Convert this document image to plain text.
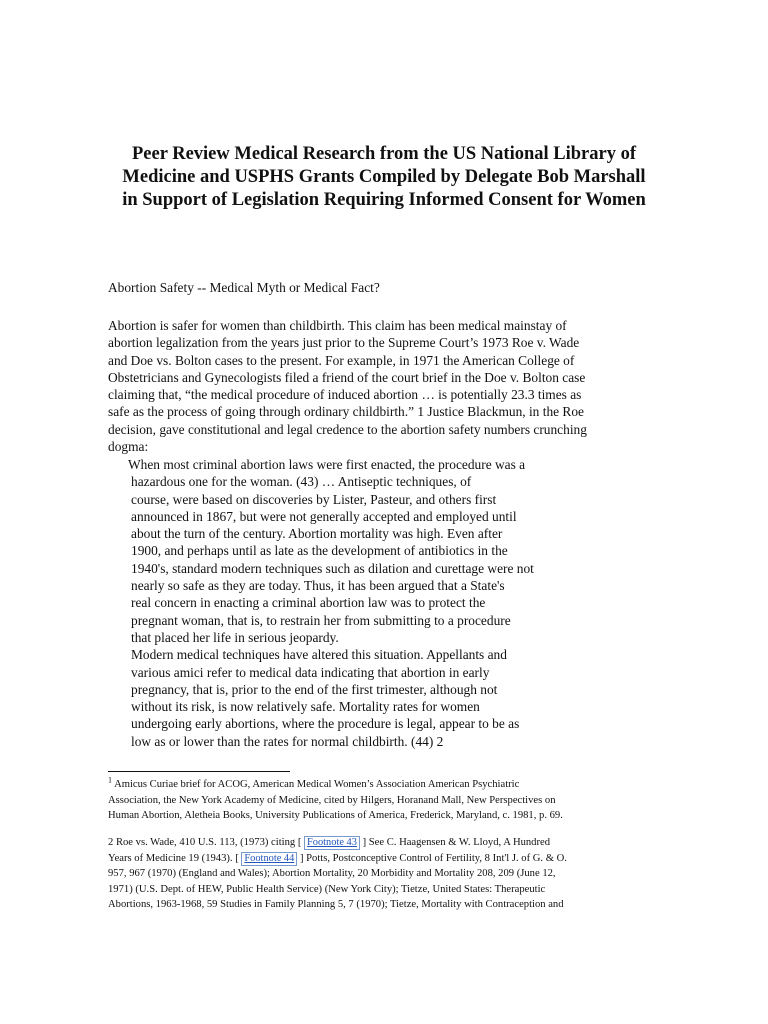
Peer Review Medical Research from the US National Library of
Medicine and USPHS Grants Compiled by Delegate Bob Marshall
in Support of Legislation Requiring Informed Consent for Women
Abortion Safety -- Medical Myth or Medical Fact?
Abortion is safer for women than childbirth. This claim has been medical mainstay of
abortion legalization from the years just prior to the Supreme Court’s 1973 Roe v. Wade
and Doe vs. Bolton cases to the present. For example, in 1971 the American College of
Obstetricians and Gynecologists filed a friend of the court brief in the Doe v. Bolton case
claiming that, “the medical procedure of induced abortion … is potentially 23.3 times as
safe as the process of going through ordinary childbirth.” 1 Justice Blackmun, in the Roe
decision, gave constitutional and legal credence to the abortion safety numbers crunching
dogma:
When most criminal abortion laws were first enacted, the procedure was a
hazardous one for the woman. (43) … Antiseptic techniques, of
course, were based on discoveries by Lister, Pasteur, and others first
announced in 1867, but were not generally accepted and employed until
about the turn of the century. Abortion mortality was high. Even after
1900, and perhaps until as late as the development of antibiotics in the
1940's, standard modern techniques such as dilation and curettage were not
nearly so safe as they are today. Thus, it has been argued that a State's
real concern in enacting a criminal abortion law was to protect the
pregnant woman, that is, to restrain her from submitting to a procedure
that placed her life in serious jeopardy.
Modern medical techniques have altered this situation. Appellants and
various amici refer to medical data indicating that abortion in early
pregnancy, that is, prior to the end of the first trimester, although not
without its risk, is now relatively safe. Mortality rates for women
undergoing early abortions, where the procedure is legal, appear to be as
low as or lower than the rates for normal childbirth. (44) 2
$^1$ Amicus Curiae brief for ACOG, American Medical Women’s Association American Psychiatric
Association, the New York Academy of Medicine, cited by Hilgers, Horanand Mall, New Perspectives on
Human Abortion, Aletheia Books, University Publications of America, Frederick, Maryland, c. 1981, p. 69.
2 Roe vs. Wade, 410 U.S. 113, (1973) citing [ Footnote 43 ] See C. Haagensen & W. Lloyd, A Hundred
Years of Medicine 19 (1943). [ Footnote 44 ] Potts, Postconceptive Control of Fertility, 8 Int'l J. of G. & O.
957, 967 (1970) (England and Wales); Abortion Mortality, 20 Morbidity and Mortality 208, 209 (June 12,
1971) (U.S. Dept. of HEW, Public Health Service) (New York City); Tietze, United States: Therapeutic
Abortions, 1963-1968, 59 Studies in Family Planning 5, 7 (1970); Tietze, Mortality with Contraception and
